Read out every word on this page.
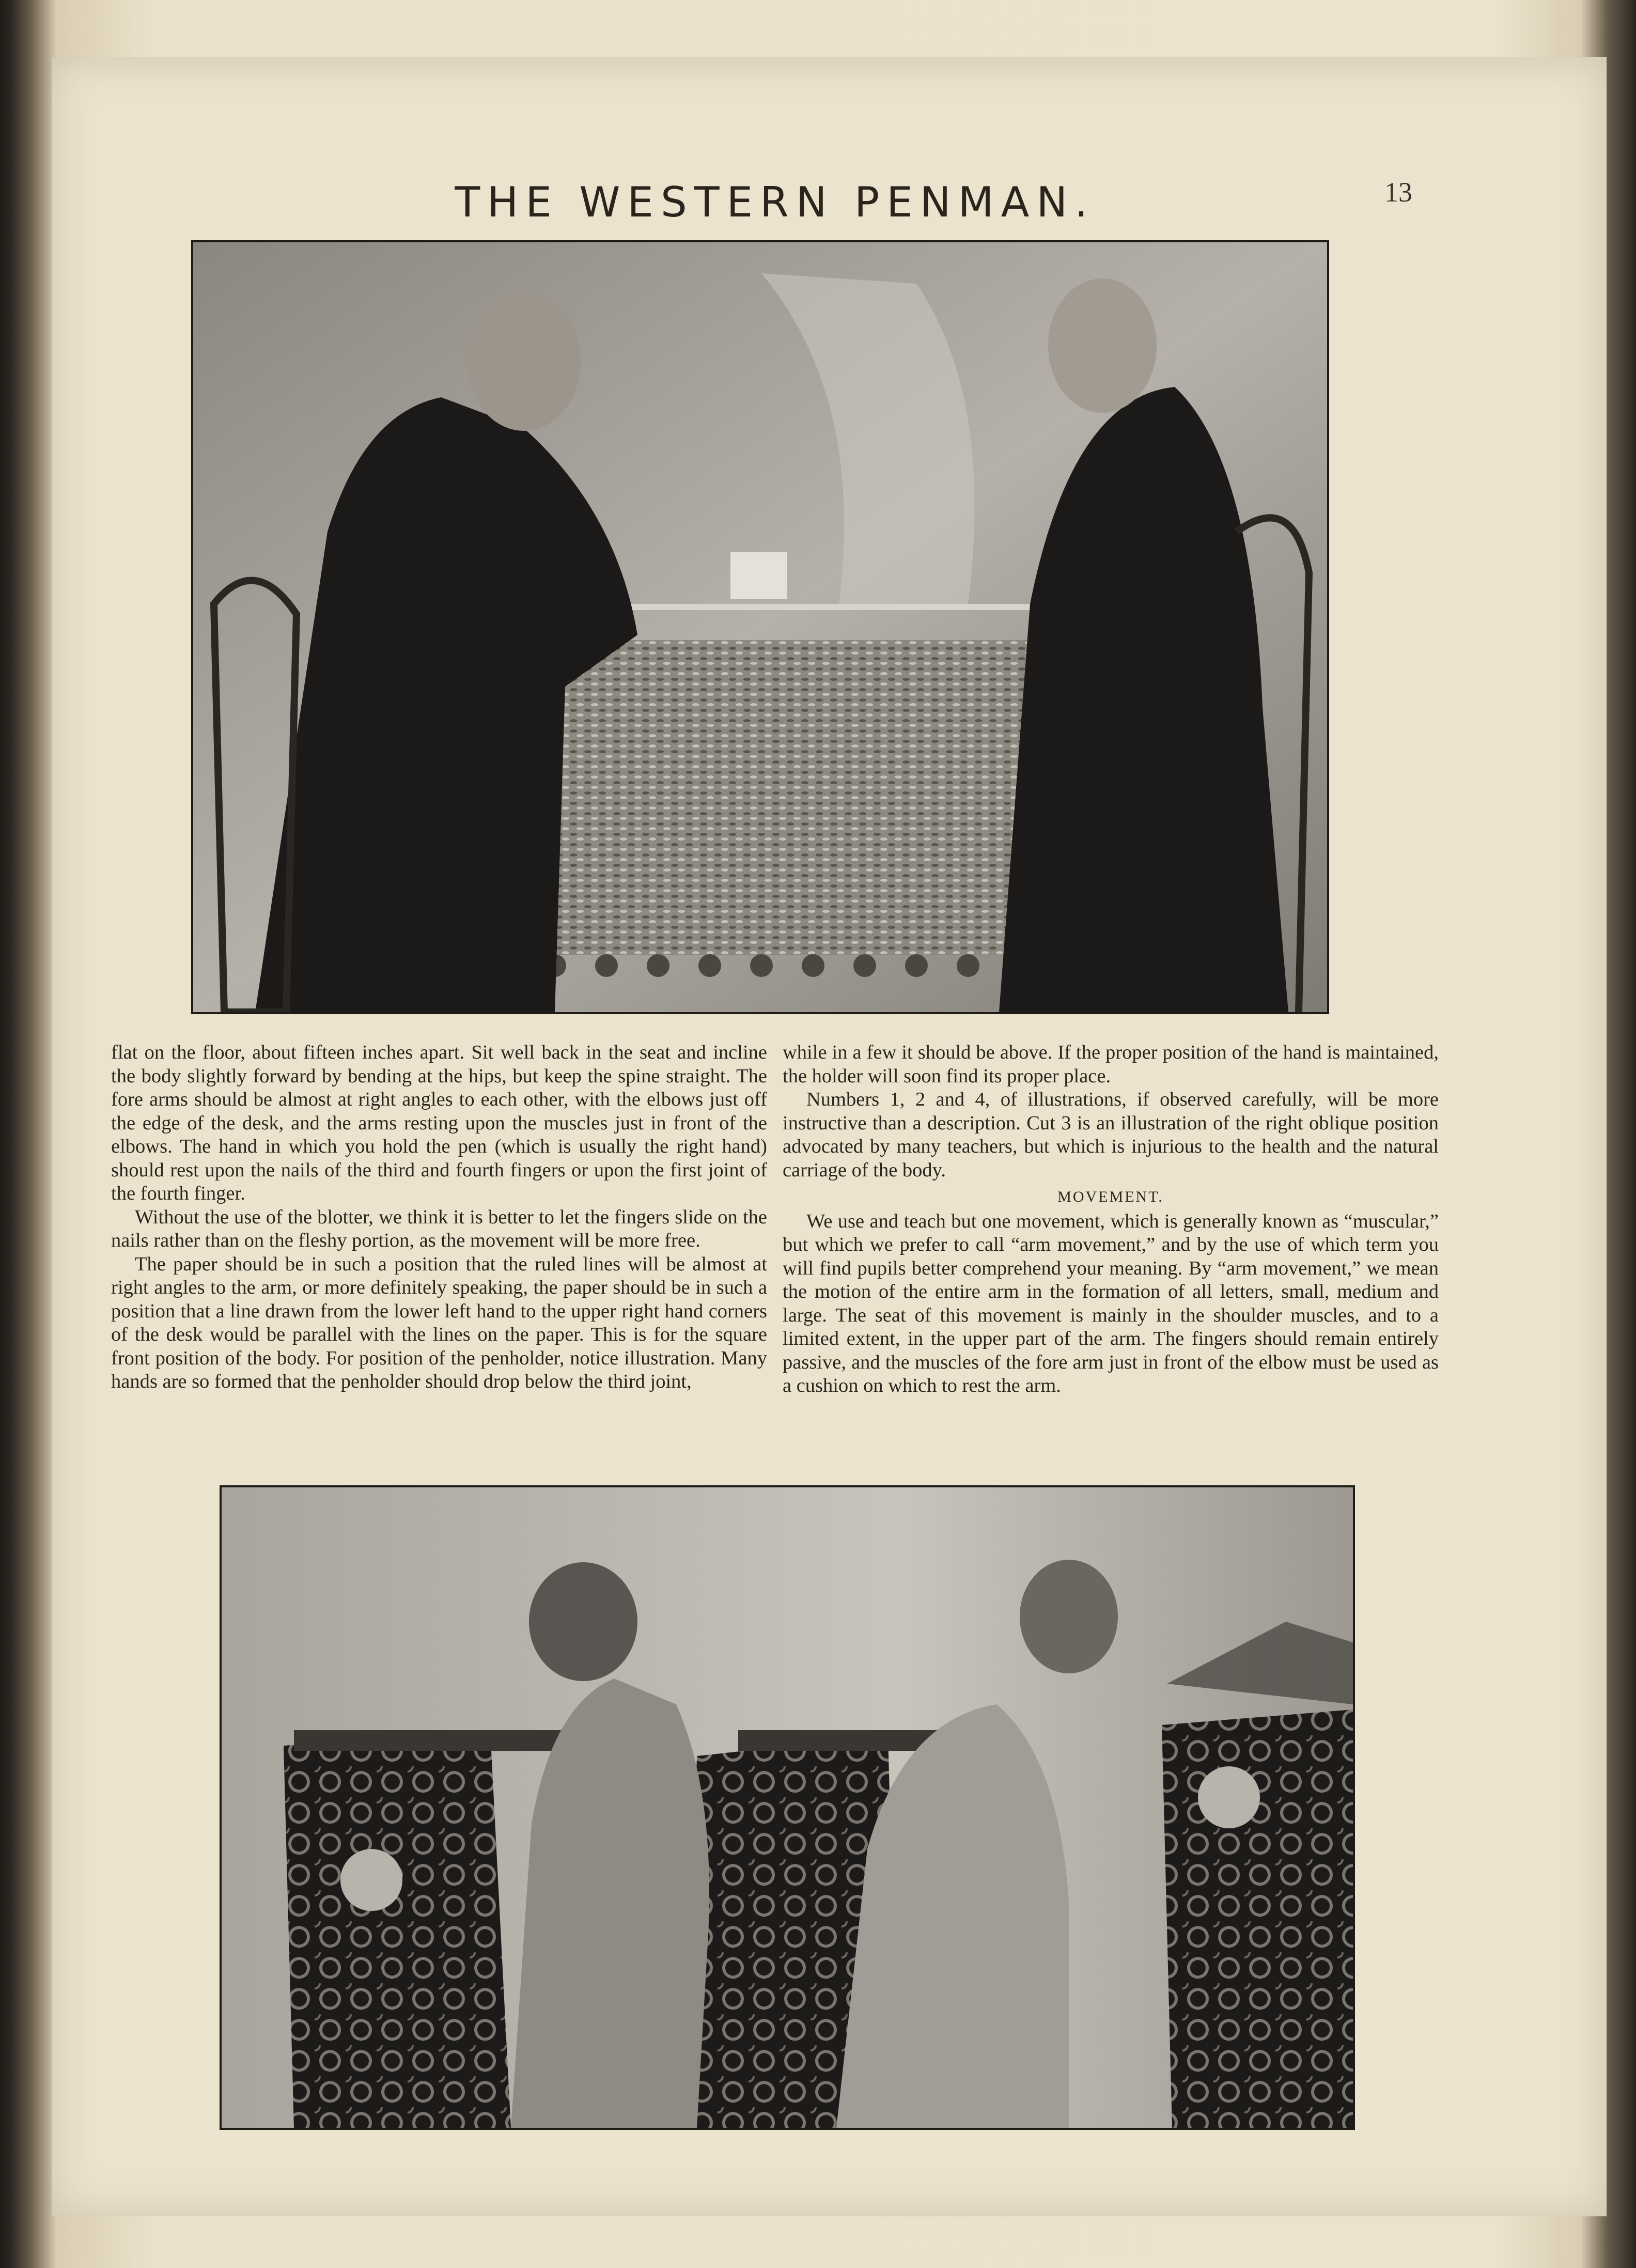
THE WESTERN PENMAN.	13

flat on the floor, about fifteen inches apart. Sit well back in the seat and incline the body slightly forward by bending at the hips, but keep the spine straight. The fore arms should be almost at right angles to each other, with the elbows just off the edge of the desk, and the arms resting upon the muscles just in front of the elbows. The hand in which you hold the pen (which is usually the right hand) should rest upon the nails of the third and fourth fingers or upon the first joint of the fourth finger.

Without the use of the blotter, we think it is better to let the fingers slide on the nails rather than on the fleshy portion, as the movement will be more free.

The paper should be in such a position that the ruled lines will be almost at right angles to the arm, or more definitely speaking, the paper should be in such a position that a line drawn from the lower left hand to the upper right hand corners of the desk would be parallel with the lines on the paper. This is for the square front position of the body. For position of the penholder, notice illustration. Many hands are so formed that the penholder should drop below the third joint,

while in a few it should be above. If the proper position of the hand is maintained, the holder will soon find its proper place.

Numbers 1, 2 and 4, of illustrations, if observed carefully, will be more instructive than a description. Cut 3 is an illustration of the right oblique position advocated by many teachers, but which is injurious to the health and the natural carriage of the body.

MOVEMENT.

We use and teach but one movement, which is generally known as “muscular,” but which we prefer to call “arm movement,” and by the use of which term you will find pupils better comprehend your meaning. By “arm movement,” we mean the motion of the entire arm in the formation of all letters, small, medium and large. The seat of this movement is mainly in the shoulder muscles, and to a limited extent, in the upper part of the arm. The fingers should remain entirely passive, and the muscles of the fore arm just in front of the elbow must be used as a cushion on which to rest the arm.
